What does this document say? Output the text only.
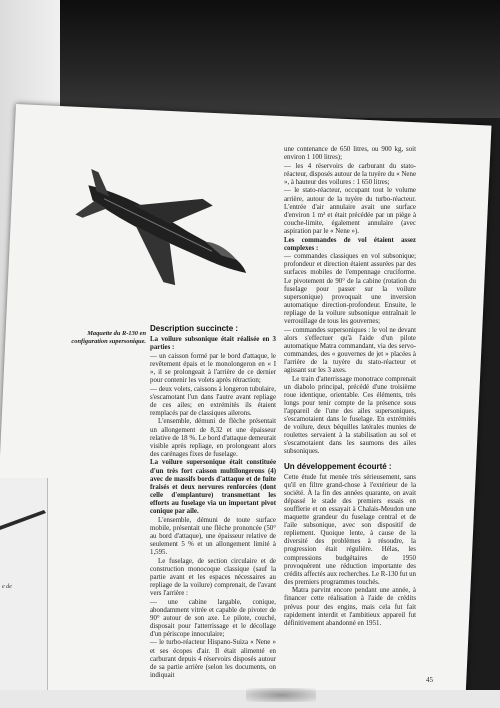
Maquette du R-130 en configuration supersonique.
Description succincte :

La voilure subsonique était réalisée en 3 parties :

— un caisson formé par le bord d'attaque, le revêtement épais et le monolongeron en « I », il se prolongeait à l'arrière de ce dernier pour contenir les volets après rétraction;

— deux volets, caissons à longeron tubulaire, s'escamotant l'un dans l'autre avant repliage de ces ailes; en extrémités ils étaient remplacés par de classiques ailerons.

L'ensemble, démuni de flèche présentait un allongement de 8,32 et une épaisseur relative de 18 %. Le bord d'attaque demeurait visible après repliage, en prolongeant alors des carénages fixes de fuselage.

La voilure supersonique était constituée d'un très fort caisson multilongerons (4) avec de massifs bords d'attaque et de fuite fraisés et deux nervures renforcées (dont celle d'emplanture) transmettant les efforts au fuselage via un important pivot conique par aile.

L'ensemble, démuni de toute surface mobile, présentait une flèche prononcée (50° au bord d'attaque), une épaisseur relative de seulement 5 % et un allongement limité à 1,595.

Le fuselage, de section circulaire et de construction monocoque classique (sauf la partie avant et les espaces nécessaires au repliage de la voilure) comprenait, de l'avant vers l'arrière :

— une cabine largable, conique, abondamment vitrée et capable de pivoter de 90° autour de son axe. Le pilote, couché, disposait pour l'atterrissage et le décollage d'un périscope innoculaire;

— le turbo-réacteur Hispano-Suiza « Nene » et ses écopes d'air. Il était alimenté en carburant depuis 4 réservoirs disposés autour de sa partie arrière (selon les documents, on indiquait

une contenance de 650 litres, ou 900 kg, soit environ 1 100 litres);

— les 4 réservoirs de carburant du stato-réacteur, disposés autour de la tuyère du « Nene », à hauteur des voilures : 1 650 litres;

— le stato-réacteur, occupant tout le volume arrière, autour de la tuyère du turbo-réacteur. L'entrée d'air annulaire avait une surface d'environ 1 m² et était précédée par un piège à couche-limite, également annulaire (avec aspiration par le « Nene »).

Les commandes de vol étaient assez complexes :

— commandes classiques en vol subsonique; profondeur et direction étaient assurées par des surfaces mobiles de l'empennage cruciforme. Le pivotement de 90° de la cabine (rotation du fuselage pour passer sur la voilure supersonique) provoquait une inversion automatique direction-profondeur. Ensuite, le repliage de la voilure subsonique entraînait le verrouillage de tous les gouvernes;

— commandes supersoniques : le vol ne devant alors s'effectuer qu'à l'aide d'un pilote automatique Matra commandant, via des servo-commandes, des « gouvernes de jet » placées à l'arrière de la tuyère du stato-réacteur et agissant sur les 3 axes.

Le train d'atterrissage monotrace comprenait un diabolo principal, précédé d'une troisième roue identique, orientable. Ces éléments, très longs pour tenir compte de la présence sous l'appareil de l'une des ailes supersoniques, s'escamotaient dans le fuselage. En extrémités de voilure, deux béquilles latérales munies de roulettes servaient à la stabilisation au sol et s'escamotaient dans les saumons des ailes subsoniques.

Un développement écourté :

Cette étude fut menée très sérieusement, sans qu'il en filtre grand-chose à l'extérieur de la société. À la fin des années quarante, on avait dépassé le stade des premiers essais en soufflerie et on essayait à Chalais-Meudon une maquette grandeur du fuselage central et de l'aile subsonique, avec son dispositif de repliement. Quoique lente, à cause de la diversité des problèmes à résoudre, la progression était régulière. Hélas, les compressions budgétaires de 1950 provoquèrent une réduction importante des crédits affectés aux recherches. Le R-130 fut un des premiers programmes touchés.

Matra parvint encore pendant une année, à financer cette réalisation à l'aide de crédits prévus pour des engins, mais cela fut fait rapidement interdit et l'ambitieux appareil fut définitivement abandonné en 1951.

45
e de
